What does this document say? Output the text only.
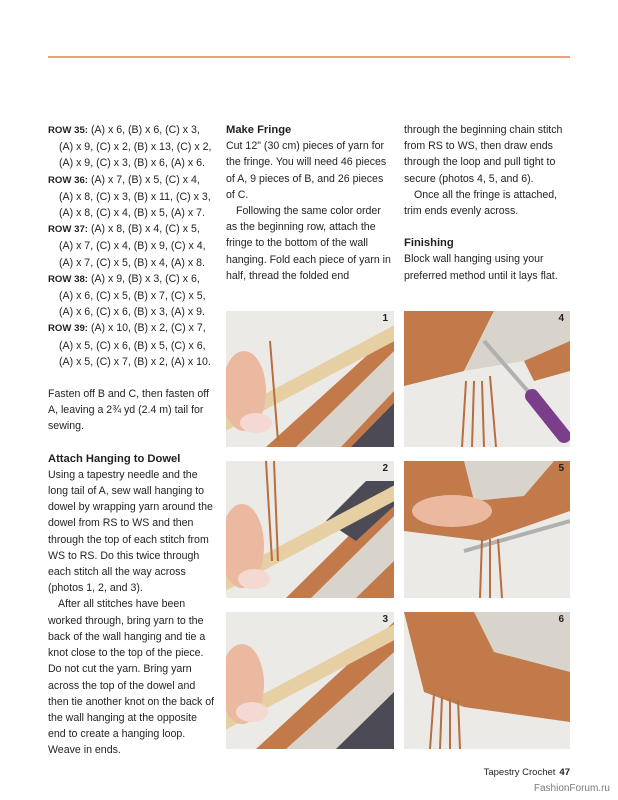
ROW 35: (A) x 6, (B) x 6, (C) x 3, (A) x 9, (C) x 2, (B) x 13, (C) x 2, (A) x 9, (C) x 3, (B) x 6, (A) x 6.

ROW 36: (A) x 7, (B) x 5, (C) x 4, (A) x 8, (C) x 3, (B) x 11, (C) x 3, (A) x 8, (C) x 4, (B) x 5, (A) x 7.

ROW 37: (A) x 8, (B) x 4, (C) x 5, (A) x 7, (C) x 4, (B) x 9, (C) x 4, (A) x 7, (C) x 5, (B) x 4, (A) x 8.

ROW 38: (A) x 9, (B) x 3, (C) x 6, (A) x 6, (C) x 5, (B) x 7, (C) x 5, (A) x 6, (C) x 6, (B) x 3, (A) x 9.

ROW 39: (A) x 10, (B) x 2, (C) x 7, (A) x 5, (C) x 6, (B) x 5, (C) x 6, (A) x 5, (C) x 7, (B) x 2, (A) x 10.

Fasten off B and C, then fasten off A, leaving a 2¾ yd (2.4 m) tail for sewing.

Attach Hanging to Dowel

Using a tapestry needle and the long tail of A, sew wall hanging to dowel by wrapping yarn around the dowel from RS to WS and then through the top of each stitch from WS to RS. Do this twice through each stitch all the way across (photos 1, 2, and 3).

After all stitches have been worked through, bring yarn to the back of the wall hanging and tie a knot close to the top of the piece. Do not cut the yarn. Bring yarn across the top of the dowel and then tie another knot on the back of the wall hanging at the opposite end to create a hanging loop. Weave in ends.

Make Fringe

Cut 12" (30 cm) pieces of yarn for the fringe. You will need 46 pieces of A, 9 pieces of B, and 26 pieces of C.

Following the same color order as the beginning row, attach the fringe to the bottom of the wall hanging. Fold each piece of yarn in half, thread the folded end

through the beginning chain stitch from RS to WS, then draw ends through the loop and pull tight to secure (photos 4, 5, and 6).

Once all the fringe is attached, trim ends evenly across.

Finishing

Block wall hanging using your preferred method until it lays flat.

1
2
3
4
5
6
Tapestry Crochet 47
FashionForum.ru
